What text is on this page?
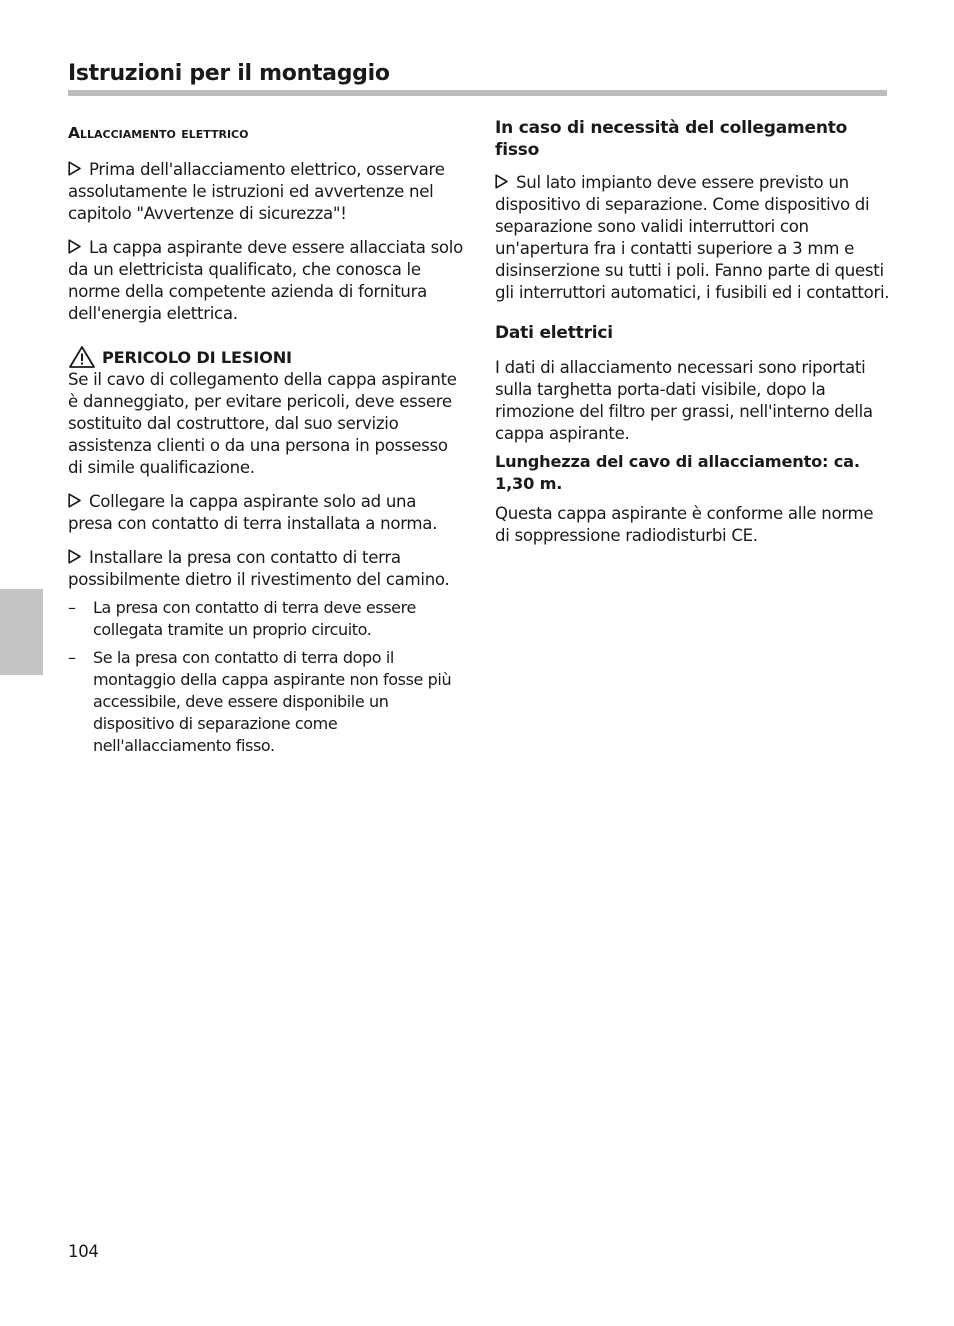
Istruzioni per il montaggio
Allacciamento elettrico

Prima dell'allacciamento elettrico, osservare assolutamente le istruzioni ed avvertenze nel capitolo "Avvertenze di sicurezza"!

La cappa aspirante deve essere allacciata solo da un elettricista qualificato, che conosca le norme della competente azienda di fornitura dell'energia elettrica.

PERICOLO DI LESIONI
Se il cavo di collegamento della cappa aspirante è danneggiato, per evitare pericoli, deve essere sostituito dal costruttore, dal suo servizio assistenza clienti o da una persona in possesso di simile qualificazione.

Collegare la cappa aspirante solo ad una presa con contatto di terra installata a norma.

Installare la presa con contatto di terra possibilmente dietro il rivestimento del camino.

– La presa con contatto di terra deve essere collegata tramite un proprio circuito.
– Se la presa con contatto di terra dopo il montaggio della cappa aspirante non fosse più accessibile, deve essere disponibile un dispositivo di separazione come nell'allacciamento fisso.
In caso di necessità del collegamento fisso

Sul lato impianto deve essere previsto un dispositivo di separazione. Come dispositivo di separazione sono validi interruttori con un'apertura fra i contatti superiore a 3 mm e disinserzione su tutti i poli. Fanno parte di questi gli interruttori automatici, i fusibili ed i contattori.

Dati elettrici

I dati di allacciamento necessari sono riportati sulla targhetta porta-dati visibile, dopo la rimozione del filtro per grassi, nell'interno della cappa aspirante.

Lunghezza del cavo di allacciamento: ca. 1,30 m.

Questa cappa aspirante è conforme alle norme di soppressione radiodisturbi CE.

104
